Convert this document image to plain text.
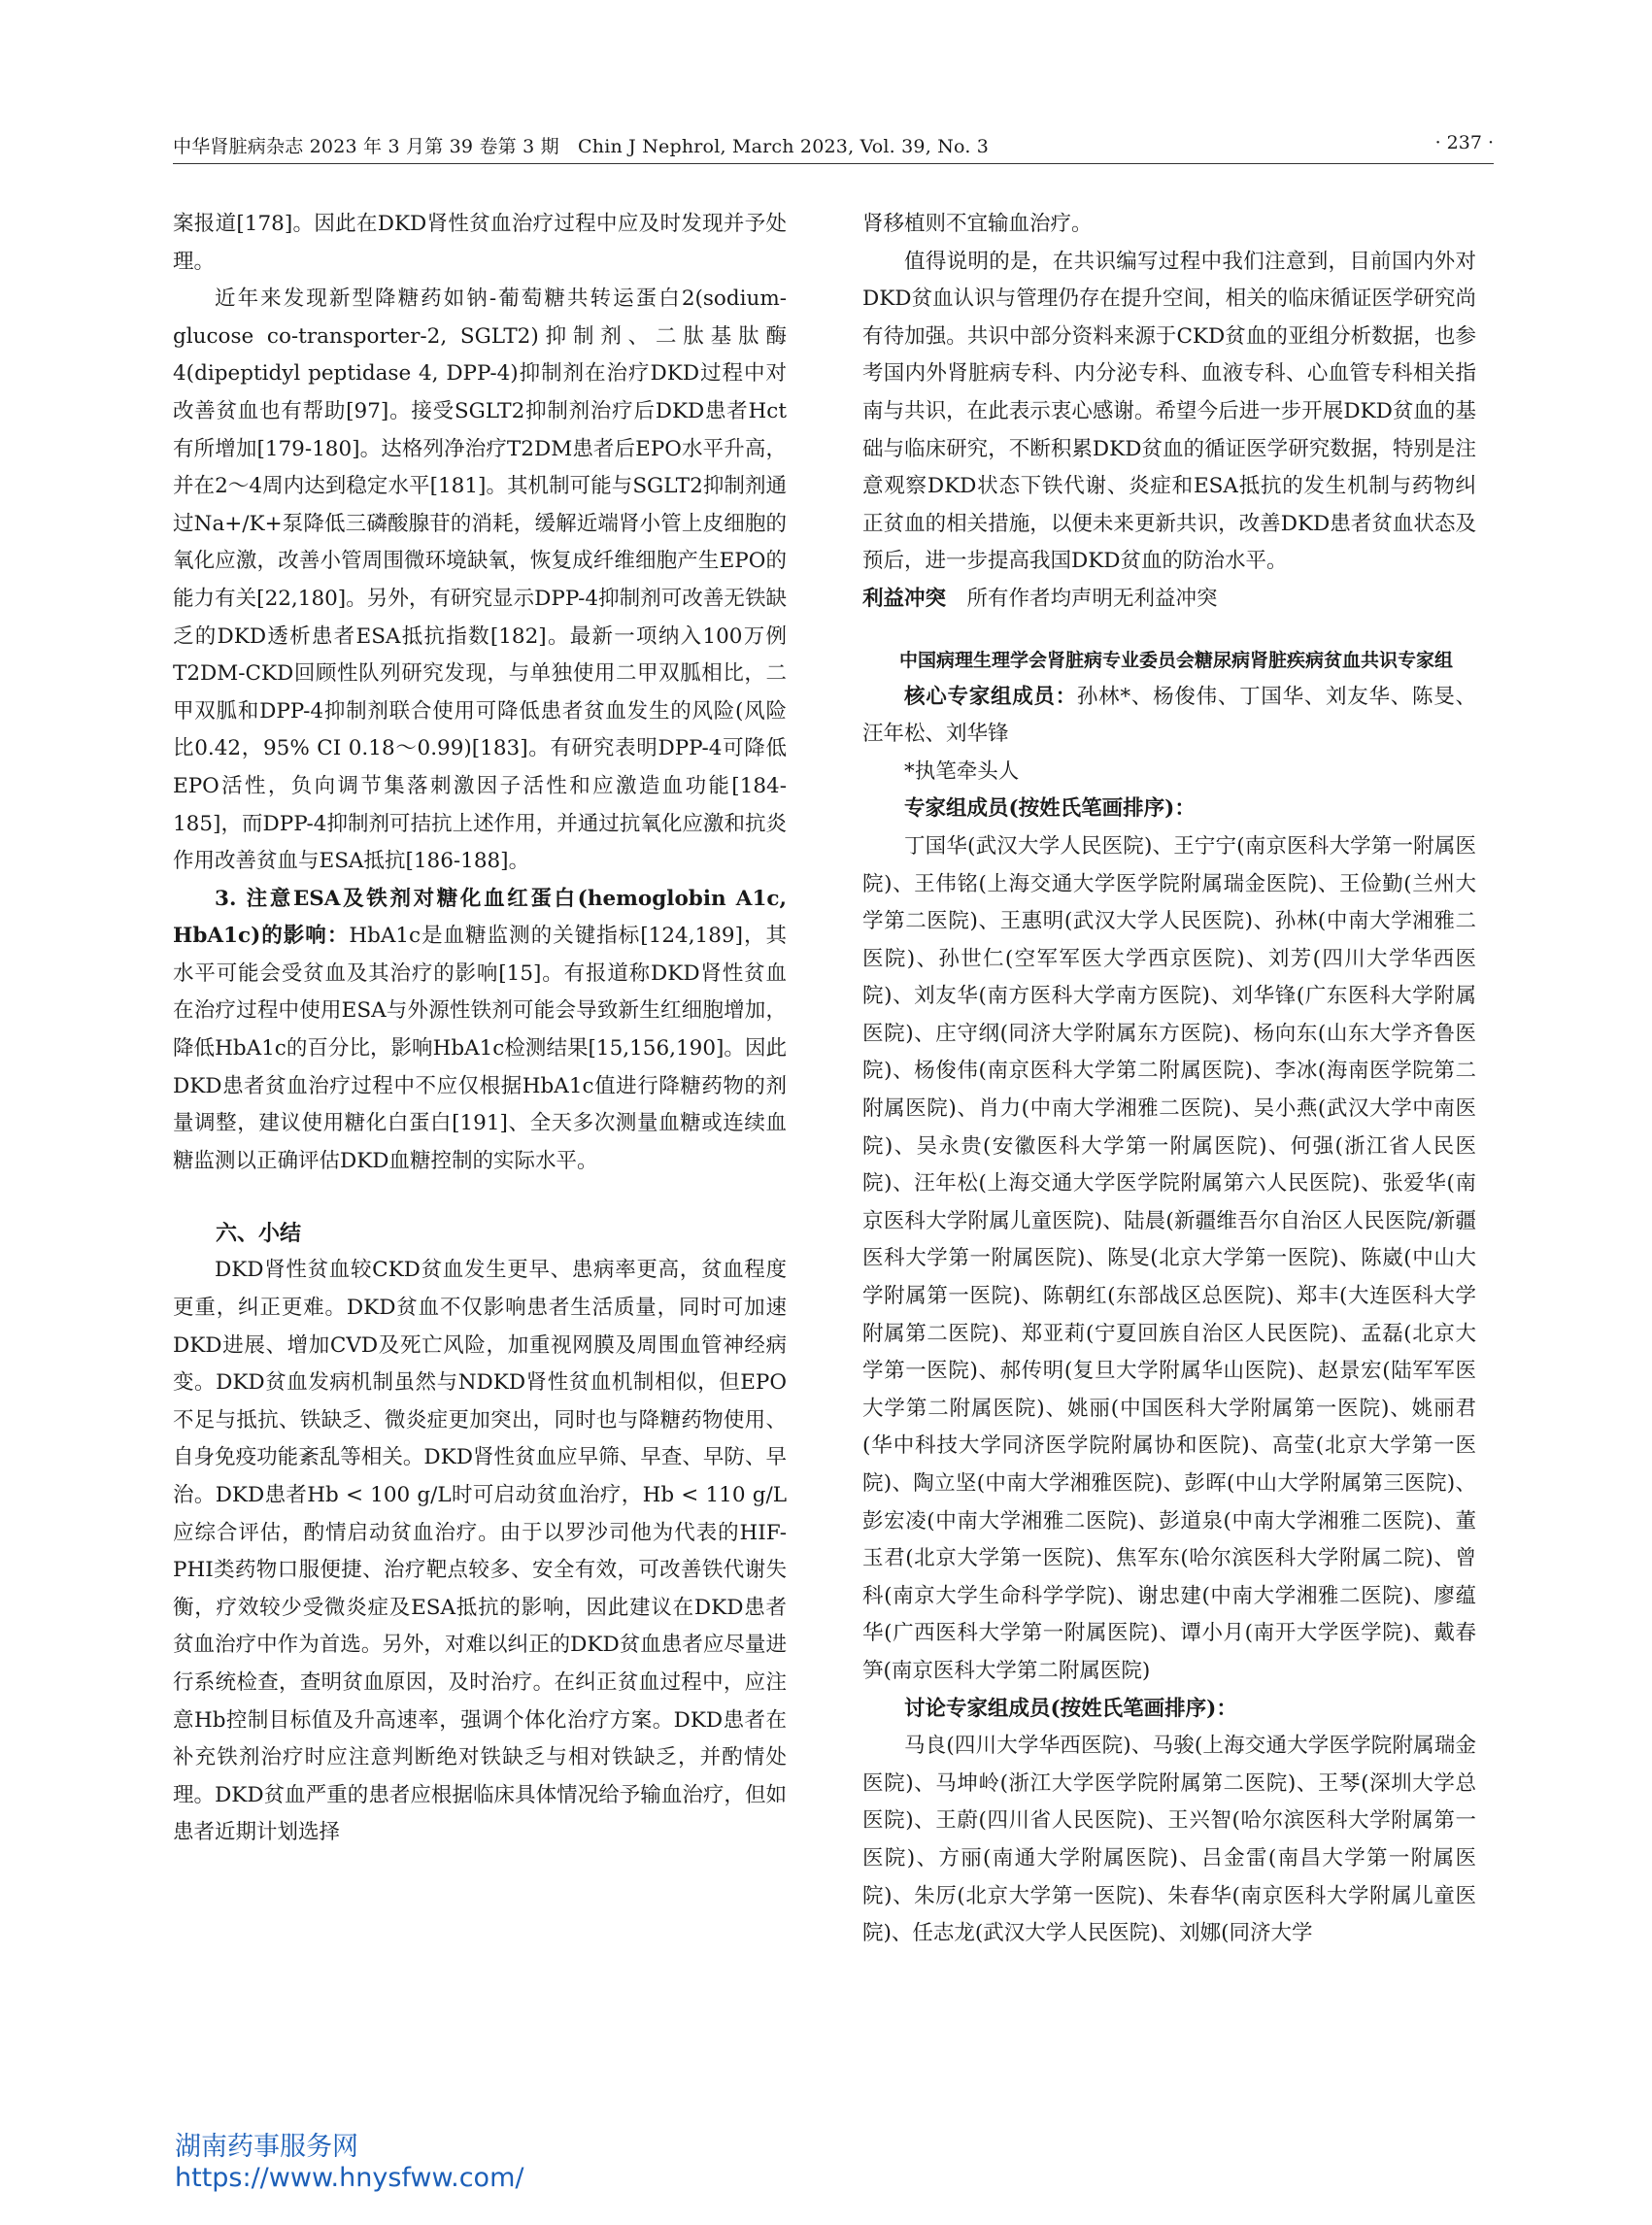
中华肾脏病杂志 2023 年 3 月第 39 卷第 3 期　Chin J Nephrol, March 2023, Vol. 39, No. 3	· 237 ·

案报道[178]。因此在DKD肾性贫血治疗过程中应及时发现并予处理。

近年来发现新型降糖药如钠-葡萄糖共转运蛋白2(sodium-glucose co-transporter-2, SGLT2)抑制剂、二肽基肽酶4(dipeptidyl peptidase 4, DPP-4)抑制剂在治疗DKD过程中对改善贫血也有帮助[97]。接受SGLT2抑制剂治疗后DKD患者Hct有所增加[179-180]。达格列净治疗T2DM患者后EPO水平升高，并在2～4周内达到稳定水平[181]。其机制可能与SGLT2抑制剂通过Na+/K+泵降低三磷酸腺苷的消耗，缓解近端肾小管上皮细胞的氧化应激，改善小管周围微环境缺氧，恢复成纤维细胞产生EPO的能力有关[22,180]。另外，有研究显示DPP-4抑制剂可改善无铁缺乏的DKD透析患者ESA抵抗指数[182]。最新一项纳入100万例T2DM-CKD回顾性队列研究发现，与单独使用二甲双胍相比，二甲双胍和DPP-4抑制剂联合使用可降低患者贫血发生的风险(风险比0.42，95% CI 0.18～0.99)[183]。有研究表明DPP-4可降低EPO活性，负向调节集落刺激因子活性和应激造血功能[184-185]，而DPP-4抑制剂可拮抗上述作用，并通过抗氧化应激和抗炎作用改善贫血与ESA抵抗[186-188]。

3. 注意ESA及铁剂对糖化血红蛋白(hemoglobin A1c, HbA1c)的影响：HbA1c是血糖监测的关键指标[124,189]，其水平可能会受贫血及其治疗的影响[15]。有报道称DKD肾性贫血在治疗过程中使用ESA与外源性铁剂可能会导致新生红细胞增加，降低HbA1c的百分比，影响HbA1c检测结果[15,156,190]。因此DKD患者贫血治疗过程中不应仅根据HbA1c值进行降糖药物的剂量调整，建议使用糖化白蛋白[191]、全天多次测量血糖或连续血糖监测以正确评估DKD血糖控制的实际水平。

六、小结

DKD肾性贫血较CKD贫血发生更早、患病率更高，贫血程度更重，纠正更难。DKD贫血不仅影响患者生活质量，同时可加速DKD进展、增加CVD及死亡风险，加重视网膜及周围血管神经病变。DKD贫血发病机制虽然与NDKD肾性贫血机制相似，但EPO不足与抵抗、铁缺乏、微炎症更加突出，同时也与降糖药物使用、自身免疫功能紊乱等相关。DKD肾性贫血应早筛、早查、早防、早治。DKD患者Hb < 100 g/L时可启动贫血治疗，Hb < 110 g/L应综合评估，酌情启动贫血治疗。由于以罗沙司他为代表的HIF-PHI类药物口服便捷、治疗靶点较多、安全有效，可改善铁代谢失衡，疗效较少受微炎症及ESA抵抗的影响，因此建议在DKD患者贫血治疗中作为首选。另外，对难以纠正的DKD贫血患者应尽量进行系统检查，查明贫血原因，及时治疗。在纠正贫血过程中，应注意Hb控制目标值及升高速率，强调个体化治疗方案。DKD患者在补充铁剂治疗时应注意判断绝对铁缺乏与相对铁缺乏，并酌情处理。DKD贫血严重的患者应根据临床具体情况给予输血治疗，但如患者近期计划选择

肾移植则不宜输血治疗。

值得说明的是，在共识编写过程中我们注意到，目前国内外对DKD贫血认识与管理仍存在提升空间，相关的临床循证医学研究尚有待加强。共识中部分资料来源于CKD贫血的亚组分析数据，也参考国内外肾脏病专科、内分泌专科、血液专科、心血管专科相关指南与共识，在此表示衷心感谢。希望今后进一步开展DKD贫血的基础与临床研究，不断积累DKD贫血的循证医学研究数据，特别是注意观察DKD状态下铁代谢、炎症和ESA抵抗的发生机制与药物纠正贫血的相关措施，以便未来更新共识，改善DKD患者贫血状态及预后，进一步提高我国DKD贫血的防治水平。

利益冲突　 所有作者均声明无利益冲突

中国病理生理学会肾脏病专业委员会糖尿病肾脏疾病贫血共识专家组

核心专家组成员：孙林*、杨俊伟、丁国华、刘友华、陈旻、汪年松、刘华锋

*执笔牵头人

专家组成员(按姓氏笔画排序)：

丁国华(武汉大学人民医院)、王宁宁(南京医科大学第一附属医院)、王伟铭(上海交通大学医学院附属瑞金医院)、王俭勤(兰州大学第二医院)、王惠明(武汉大学人民医院)、孙林(中南大学湘雅二医院)、孙世仁(空军军医大学西京医院)、刘芳(四川大学华西医院)、刘友华(南方医科大学南方医院)、刘华锋(广东医科大学附属医院)、庄守纲(同济大学附属东方医院)、杨向东(山东大学齐鲁医院)、杨俊伟(南京医科大学第二附属医院)、李冰(海南医学院第二附属医院)、肖力(中南大学湘雅二医院)、吴小燕(武汉大学中南医院)、吴永贵(安徽医科大学第一附属医院)、何强(浙江省人民医院)、汪年松(上海交通大学医学院附属第六人民医院)、张爱华(南京医科大学附属儿童医院)、陆晨(新疆维吾尔自治区人民医院/新疆医科大学第一附属医院)、陈旻(北京大学第一医院)、陈崴(中山大学附属第一医院)、陈朝红(东部战区总医院)、郑丰(大连医科大学附属第二医院)、郑亚莉(宁夏回族自治区人民医院)、孟磊(北京大学第一医院)、郝传明(复旦大学附属华山医院)、赵景宏(陆军军医大学第二附属医院)、姚丽(中国医科大学附属第一医院)、姚丽君(华中科技大学同济医学院附属协和医院)、高莹(北京大学第一医院)、陶立坚(中南大学湘雅医院)、彭晖(中山大学附属第三医院)、彭宏凌(中南大学湘雅二医院)、彭道泉(中南大学湘雅二医院)、董玉君(北京大学第一医院)、焦军东(哈尔滨医科大学附属二院)、曾科(南京大学生命科学学院)、谢忠建(中南大学湘雅二医院)、廖蕴华(广西医科大学第一附属医院)、谭小月(南开大学医学院)、戴春笋(南京医科大学第二附属医院)

讨论专家组成员(按姓氏笔画排序)：

马良(四川大学华西医院)、马骏(上海交通大学医学院附属瑞金医院)、马坤岭(浙江大学医学院附属第二医院)、王琴(深圳大学总医院)、王蔚(四川省人民医院)、王兴智(哈尔滨医科大学附属第一医院)、方丽(南通大学附属医院)、吕金雷(南昌大学第一附属医院)、朱厉(北京大学第一医院)、朱春华(南京医科大学附属儿童医院)、任志龙(武汉大学人民医院)、刘娜(同济大学

湖南药事服务网
https://www.hnysfww.com/
